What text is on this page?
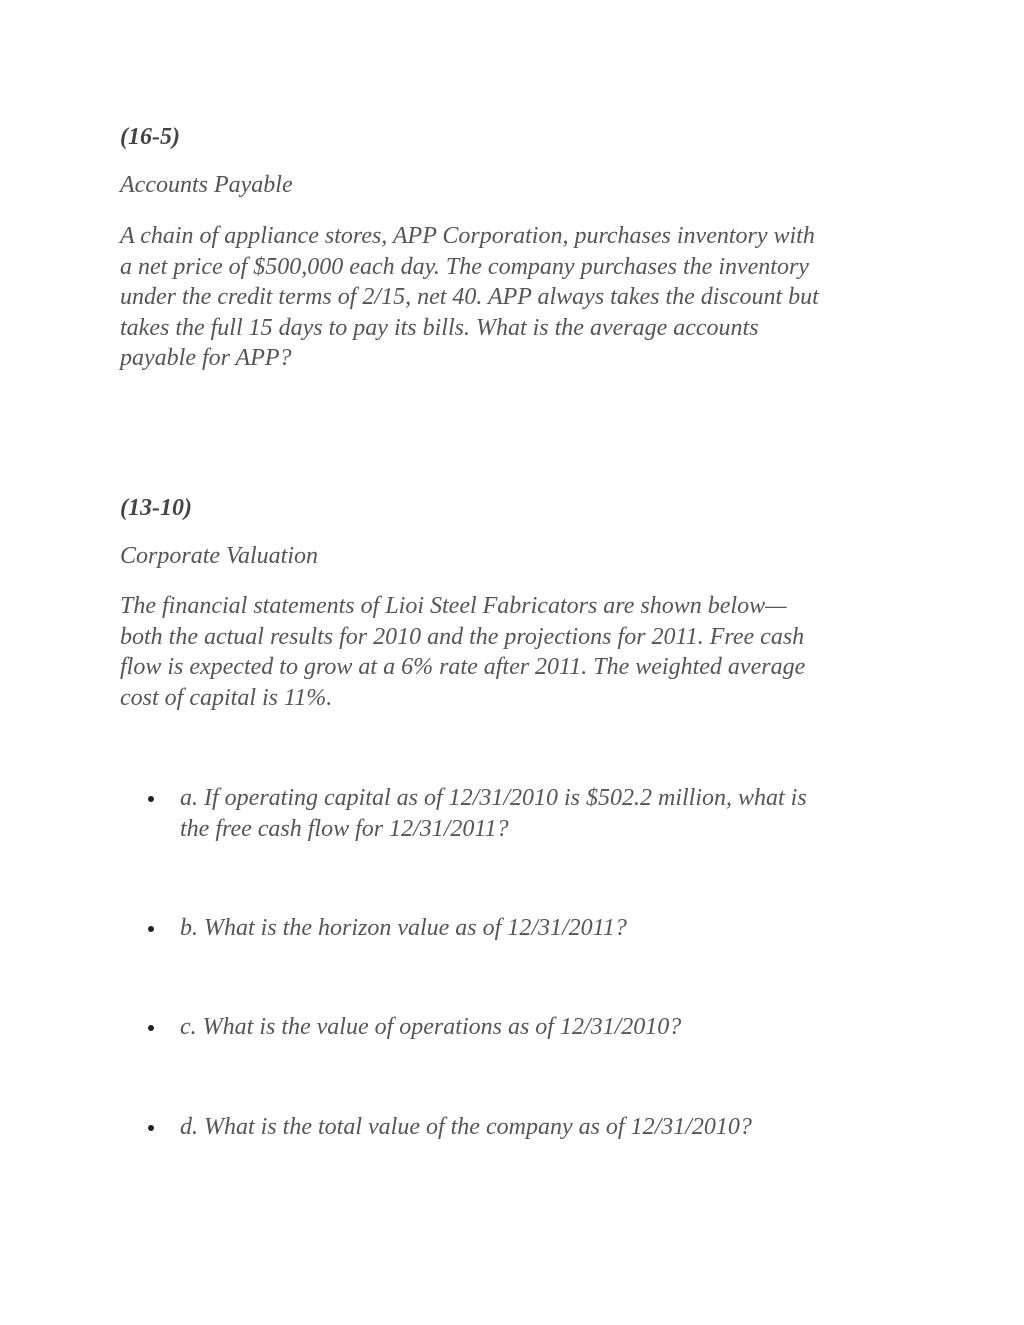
(16-5)

Accounts Payable

A chain of appliance stores, APP Corporation, purchases inventory with

a net price of $500,000 each day. The company purchases the inventory

under the credit terms of 2/15, net 40. APP always takes the discount but

takes the full 15 days to pay its bills. What is the average accounts

payable for APP?

(13-10)

Corporate Valuation

The financial statements of Lioi Steel Fabricators are shown below—

both the actual results for 2010 and the projections for 2011. Free cash

flow is expected to grow at a 6% rate after 2011. The weighted average

cost of capital is 11%.

a. If operating capital as of 12/31/2010 is $502.2 million, what is

the free cash flow for 12/31/2011?

b. What is the horizon value as of 12/31/2011?

c. What is the value of operations as of 12/31/2010?

d. What is the total value of the company as of 12/31/2010?
